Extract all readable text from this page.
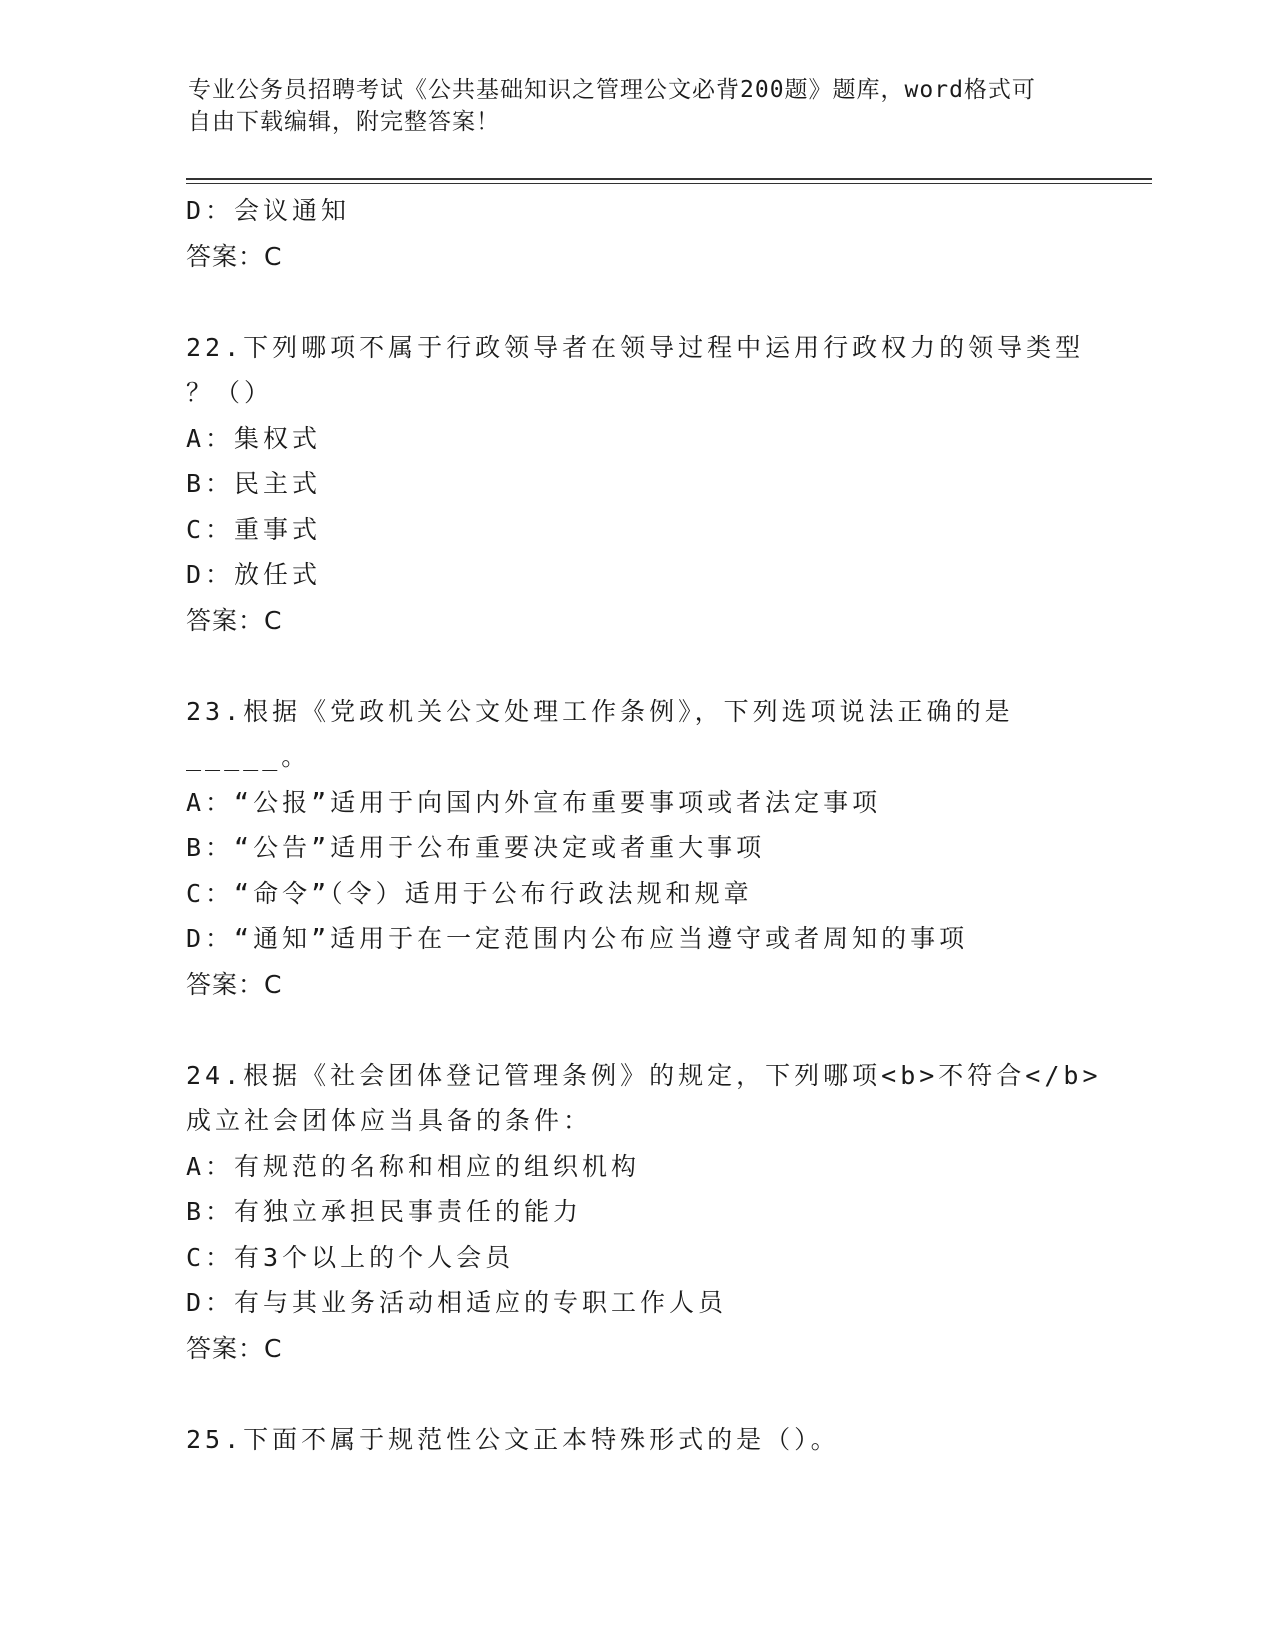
专业公务员招聘考试《公共基础知识之管理公文必背200题》题库，word格式可
自由下载编辑，附完整答案！
D：会议通知
答案：C
22.下列哪项不属于行政领导者在领导过程中运用行政权力的领导类型
？（）
A：集权式
B：民主式
C：重事式
D：放任式
答案：C
23.根据《党政机关公文处理工作条例》，下列选项说法正确的是
_____。
A：“公报”适用于向国内外宣布重要事项或者法定事项
B：“公告”适用于公布重要决定或者重大事项
C：“命令”（令）适用于公布行政法规和规章
D：“通知”适用于在一定范围内公布应当遵守或者周知的事项
答案：C
24.根据《社会团体登记管理条例》的规定，下列哪项<b>不符合</b>
成立社会团体应当具备的条件：
A：有规范的名称和相应的组织机构
B：有独立承担民事责任的能力
C：有3个以上的个人会员
D：有与其业务活动相适应的专职工作人员
答案：C
25.下面不属于规范性公文正本特殊形式的是（）。
